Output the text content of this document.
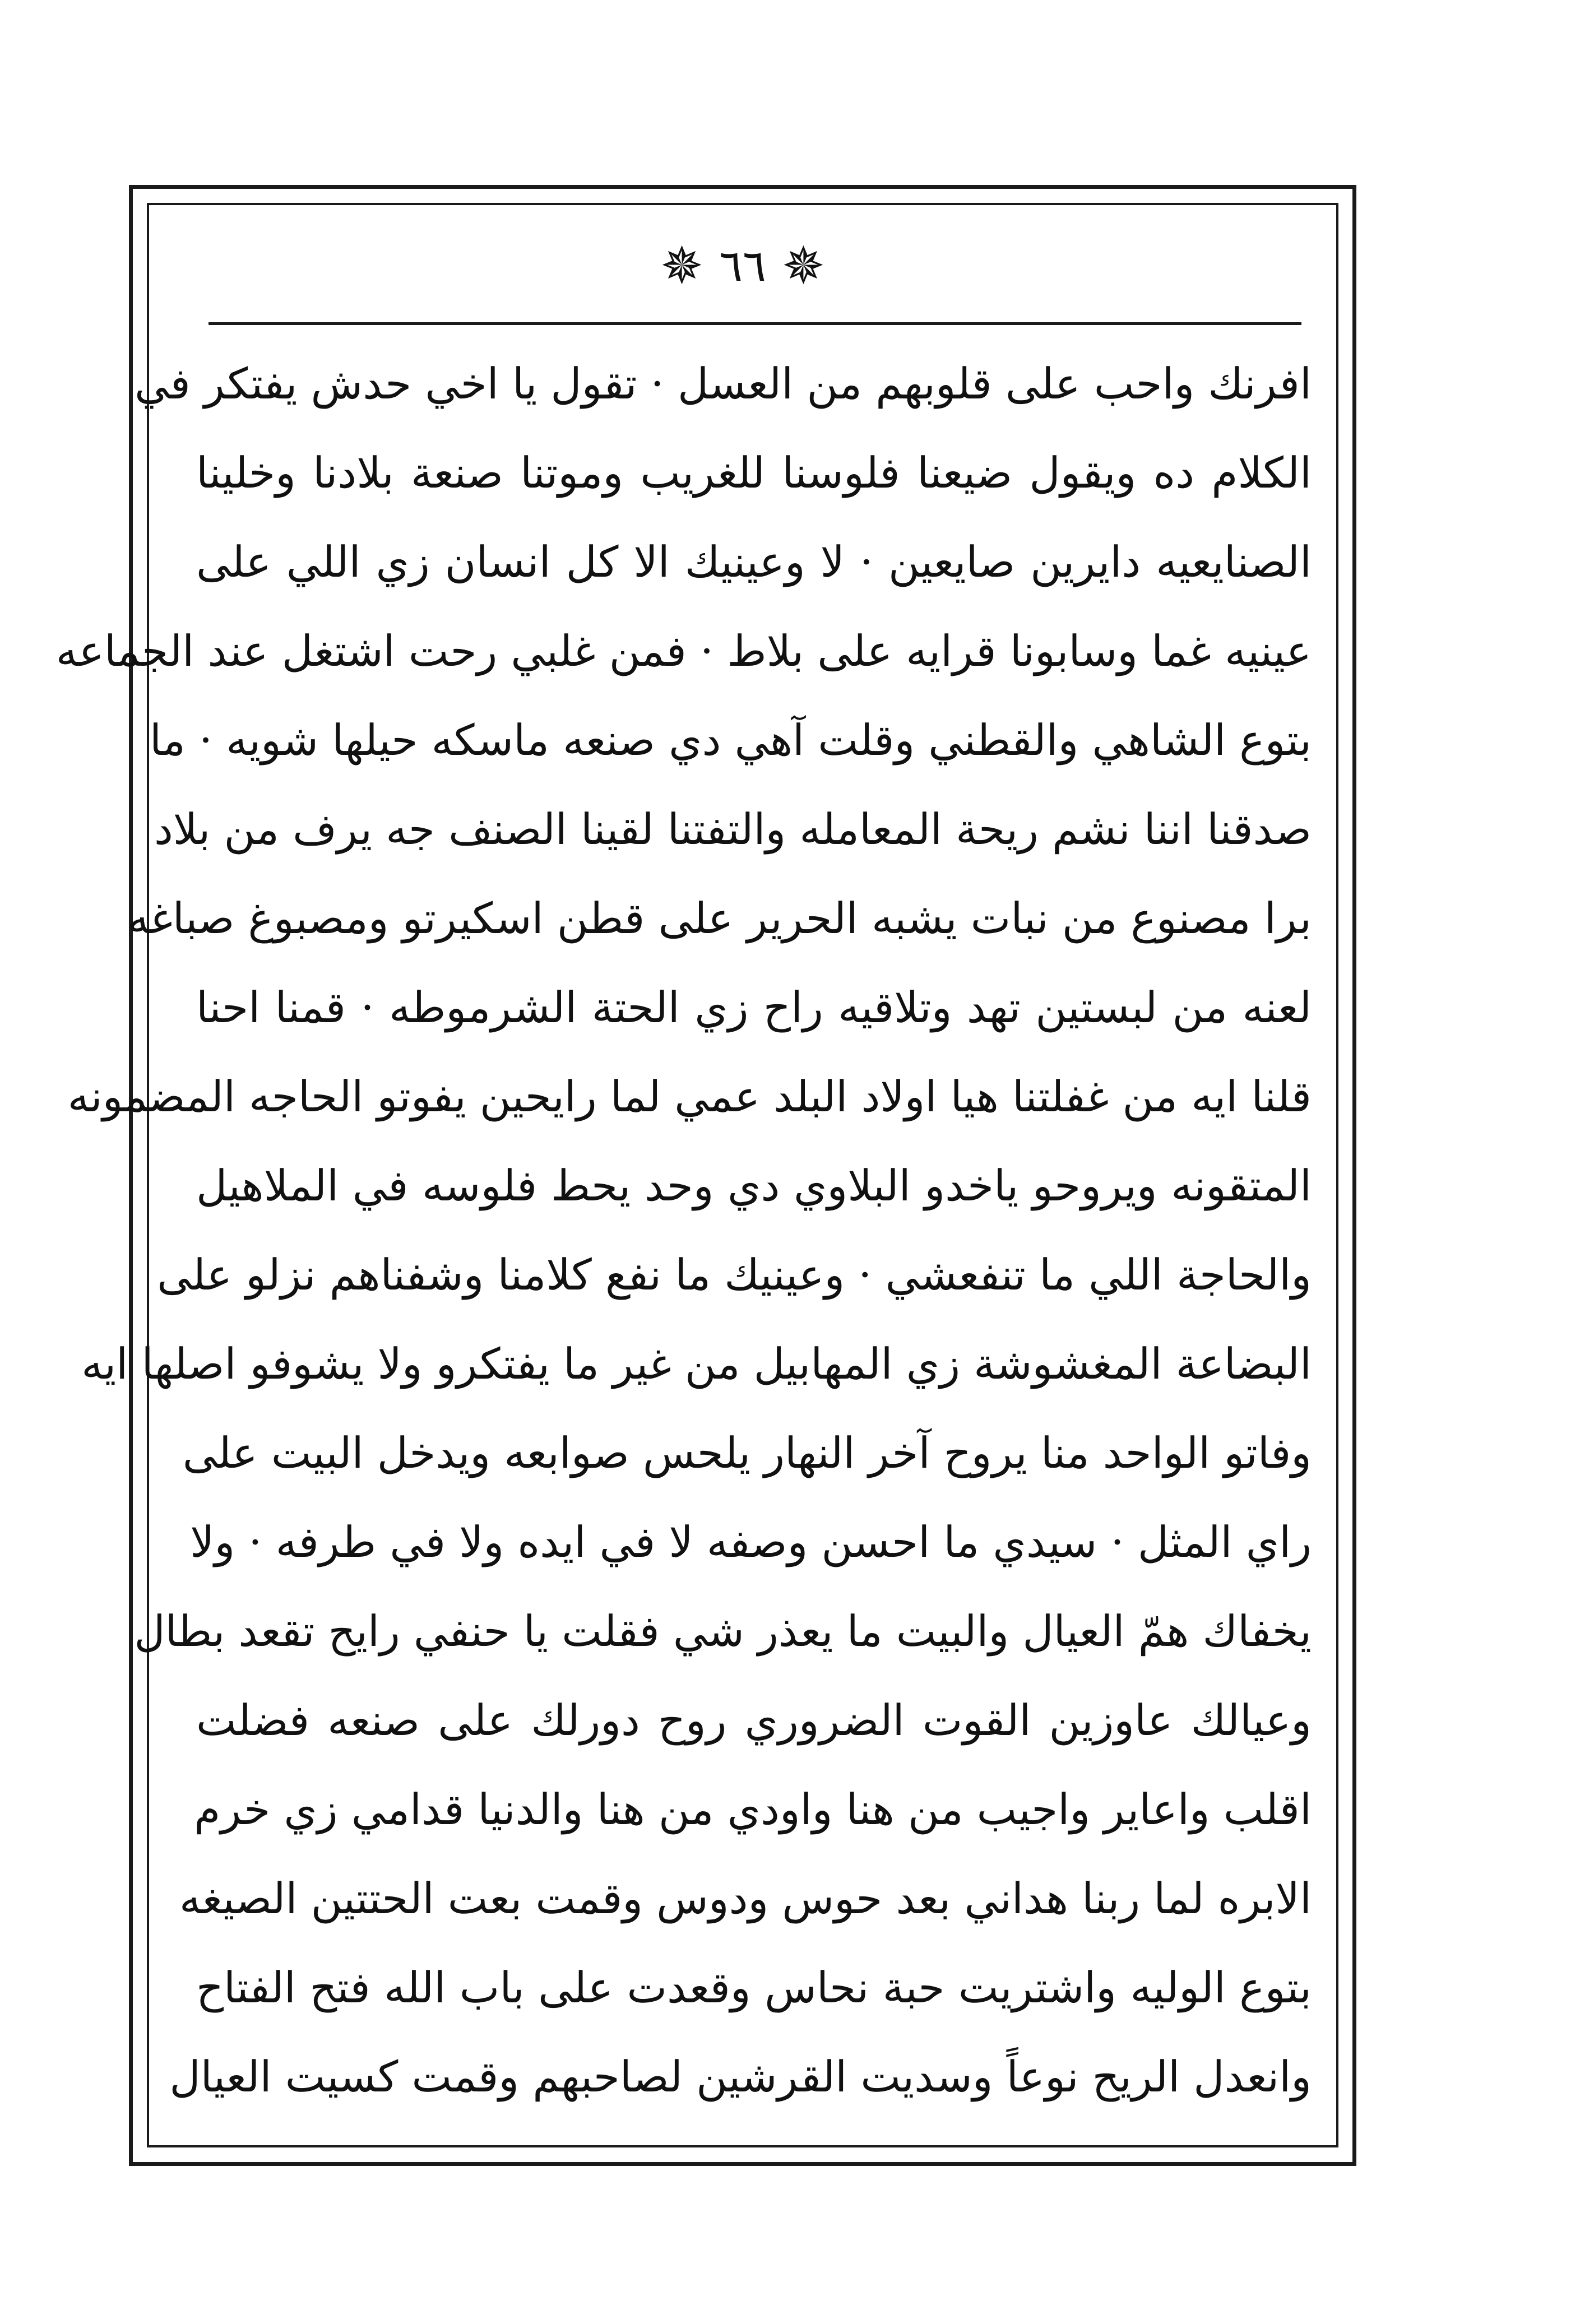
✵
٦٦
✵
افرنك واحب على قلوبهم من العسل · تقول يا اخي حدش يفتكر في
الكلام ده ويقول ضيعنا فلوسنا للغريب وموتنا صنعة بلادنا وخلينا
الصنايعيه دايرين صايعين · لا وعينيك الا كل انسان زي اللي على
عينيه غما وسابونا قرايه على بلاط · فمن غلبي رحت اشتغل عند الجماعه
بتوع الشاهي والقطني وقلت آهي دي صنعه ماسكه حيلها شويه · ما
صدقنا اننا نشم ريحة المعامله والتفتنا لقينا الصنف جه يرف من بلاد
برا مصنوع من نبات يشبه الحرير على قطن اسكيرتو ومصبوغ صباغه
لعنه من لبستين تهد وتلاقيه راح زي الحتة الشرموطه · قمنا احنا
قلنا ايه من غفلتنا هيا اولاد البلد عمي لما رايحين يفوتو الحاجه المضمونه
المتقونه ويروحو ياخدو البلاوي دي وحد يحط فلوسه في الملاهيل
والحاجة اللي ما تنفعشي · وعينيك ما نفع كلامنا وشفناهم نزلو على
البضاعة المغشوشة زي المهابيل من غير ما يفتكرو ولا يشوفو اصلها ايه
وفاتو الواحد منا يروح آخر النهار يلحس صوابعه ويدخل البيت على
راي المثل · سيدي ما احسن وصفه لا في ايده ولا في طرفه · ولا
يخفاك همّ العيال والبيت ما يعذر شي فقلت يا حنفي رايح تقعد بطال
وعيالك عاوزين القوت الضروري روح دورلك على صنعه فضلت
اقلب واعاير واجيب من هنا واودي من هنا والدنيا قدامي زي خرم
الابره لما ربنا هداني بعد حوس ودوس وقمت بعت الحتتين الصيغه
بتوع الوليه واشتريت حبة نحاس وقعدت على باب الله فتح الفتاح
وانعدل الريح نوعاً وسديت القرشين لصاحبهم وقمت كسيت العيال
